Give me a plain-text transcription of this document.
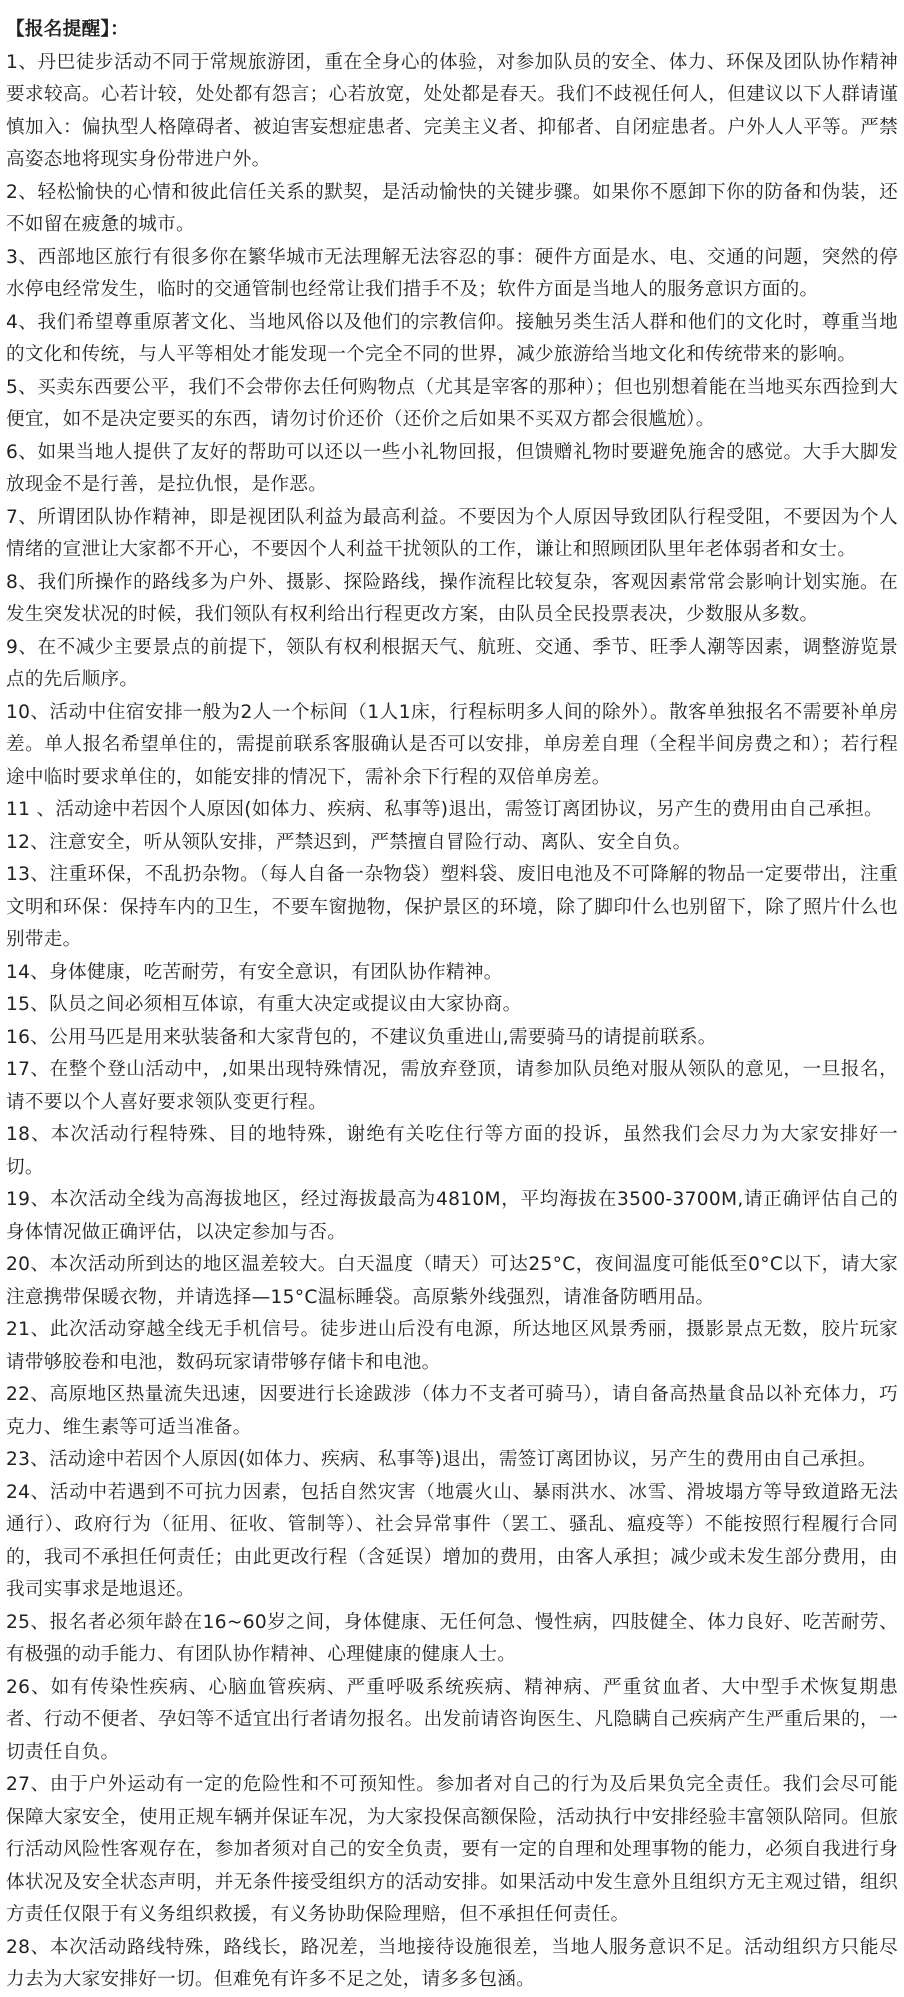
【报名提醒】：
1、丹巴徒步活动不同于常规旅游团，重在全身心的体验，对参加队员的安全、体力、环保及团队协作精神要求较高。心若计较，处处都有怨言；心若放宽，处处都是春天。我们不歧视任何人，但建议以下人群请谨慎加入：偏执型人格障碍者、被迫害妄想症患者、完美主义者、抑郁者、自闭症患者。户外人人平等。严禁高姿态地将现实身份带进户外。
2、轻松愉快的心情和彼此信任关系的默契，是活动愉快的关键步骤。如果你不愿卸下你的防备和伪装，还不如留在疲惫的城市。
3、西部地区旅行有很多你在繁华城市无法理解无法容忍的事：硬件方面是水、电、交通的问题，突然的停水停电经常发生，临时的交通管制也经常让我们措手不及；软件方面是当地人的服务意识方面的。
4、我们希望尊重原著文化、当地风俗以及他们的宗教信仰。接触另类生活人群和他们的文化时，尊重当地的文化和传统，与人平等相处才能发现一个完全不同的世界，减少旅游给当地文化和传统带来的影响。
5、买卖东西要公平，我们不会带你去任何购物点（尤其是宰客的那种）；但也别想着能在当地买东西捡到大便宜，如不是决定要买的东西，请勿讨价还价（还价之后如果不买双方都会很尴尬）。
6、如果当地人提供了友好的帮助可以还以一些小礼物回报，但馈赠礼物时要避免施舍的感觉。大手大脚发放现金不是行善，是拉仇恨，是作恶。
7、所谓团队协作精神，即是视团队利益为最高利益。不要因为个人原因导致团队行程受阻，不要因为个人情绪的宣泄让大家都不开心，不要因个人利益干扰领队的工作，谦让和照顾团队里年老体弱者和女士。
8、我们所操作的路线多为户外、摄影、探险路线，操作流程比较复杂，客观因素常常会影响计划实施。在发生突发状况的时候，我们领队有权利给出行程更改方案，由队员全民投票表决，少数服从多数。
9、在不减少主要景点的前提下，领队有权利根据天气、航班、交通、季节、旺季人潮等因素，调整游览景点的先后顺序。
10、活动中住宿安排一般为2人一个标间（1人1床，行程标明多人间的除外）。散客单独报名不需要补单房差。单人报名希望单住的，需提前联系客服确认是否可以安排，单房差自理（全程半间房费之和）；若行程途中临时要求单住的，如能安排的情况下，需补余下行程的双倍单房差。
11 、活动途中若因个人原因(如体力、疾病、私事等)退出，需签订离团协议，另产生的费用由自己承担。
12、注意安全，听从领队安排，严禁迟到，严禁擅自冒险行动、离队、安全自负。
13、注重环保，不乱扔杂物。（每人自备一杂物袋）塑料袋、废旧电池及不可降解的物品一定要带出，注重文明和环保：保持车内的卫生，不要车窗抛物，保护景区的环境，除了脚印什么也别留下，除了照片什么也别带走。
14、身体健康，吃苦耐劳，有安全意识，有团队协作精神。
15、队员之间必须相互体谅，有重大决定或提议由大家协商。
16、公用马匹是用来驮装备和大家背包的，不建议负重进山,需要骑马的请提前联系。
17、在整个登山活动中，,如果出现特殊情况，需放弃登顶，请参加队员绝对服从领队的意见，一旦报名，请不要以个人喜好要求领队变更行程。
18、本次活动行程特殊、目的地特殊，谢绝有关吃住行等方面的投诉，虽然我们会尽力为大家安排好一切。
19、本次活动全线为高海拔地区，经过海拔最高为4810M，平均海拔在3500-3700M,请正确评估自己的身体情况做正确评估，以决定参加与否。
20、本次活动所到达的地区温差较大。白天温度（晴天）可达25°C，夜间温度可能低至0°C以下，请大家注意携带保暖衣物，并请选择—15°C温标睡袋。高原紫外线强烈，请准备防晒用品。
21、此次活动穿越全线无手机信号。徒步进山后没有电源，所达地区风景秀丽，摄影景点无数，胶片玩家请带够胶卷和电池，数码玩家请带够存储卡和电池。
22、高原地区热量流失迅速，因要进行长途跋涉（体力不支者可骑马），请自备高热量食品以补充体力，巧克力、维生素等可适当准备。
23、活动途中若因个人原因(如体力、疾病、私事等)退出，需签订离团协议，另产生的费用由自己承担。
24、活动中若遇到不可抗力因素，包括自然灾害（地震火山、暴雨洪水、冰雪、滑坡塌方等导致道路无法通行）、政府行为（征用、征收、管制等）、社会异常事件（罢工、骚乱、瘟疫等）不能按照行程履行合同的，我司不承担任何责任；由此更改行程（含延误）增加的费用，由客人承担；减少或未发生部分费用，由我司实事求是地退还。
25、报名者必须年龄在16~60岁之间，身体健康、无任何急、慢性病，四肢健全、体力良好、吃苦耐劳、有极强的动手能力、有团队协作精神、心理健康的健康人士。
26、如有传染性疾病、心脑血管疾病、严重呼吸系统疾病、精神病、严重贫血者、大中型手术恢复期患者、行动不便者、孕妇等不适宜出行者请勿报名。出发前请咨询医生、凡隐瞒自己疾病产生严重后果的，一切责任自负。
27、由于户外运动有一定的危险性和不可预知性。参加者对自己的行为及后果负完全责任。我们会尽可能保障大家安全，使用正规车辆并保证车况，为大家投保高额保险，活动执行中安排经验丰富领队陪同。但旅行活动风险性客观存在，参加者须对自己的安全负责，要有一定的自理和处理事物的能力，必须自我进行身体状况及安全状态声明，并无条件接受组织方的活动安排。如果活动中发生意外且组织方无主观过错，组织方责任仅限于有义务组织救援，有义务协助保险理赔，但不承担任何责任。
28、本次活动路线特殊，路线长，路况差，当地接待设施很差，当地人服务意识不足。活动组织方只能尽力去为大家安排好一切。但难免有许多不足之处，请多多包涵。
